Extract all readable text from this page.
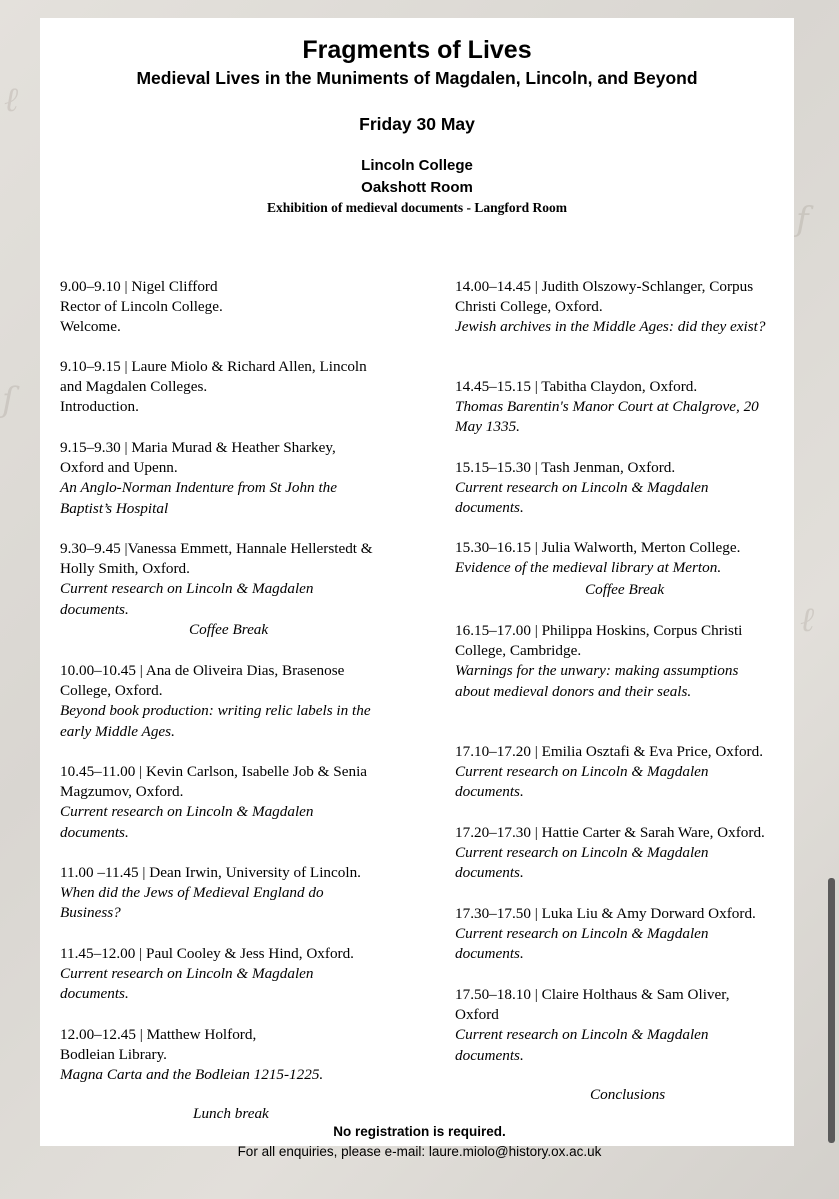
ℓ
ſ
ƒ
ℓ
Fragments of Lives
Medieval Lives in the Muniments of Magdalen, Lincoln, and Beyond
Friday 30 May
Lincoln College
Oakshott Room
Exhibition of medieval documents - Langford Room
9.00–9.10 | Nigel Clifford
Rector of Lincoln College.
Welcome.
9.10–9.15 | Laure Miolo & Richard Allen, Lincoln
and Magdalen Colleges.
Introduction.
9.15–9.30 | Maria Murad & Heather Sharkey,
Oxford and Upenn.
An Anglo-Norman Indenture from St John the
Baptist’s Hospital
9.30–9.45 |Vanessa Emmett, Hannale Hellerstedt &
Holly Smith, Oxford.
Current research on Lincoln & Magdalen
documents.
Coffee Break
10.00–10.45 | Ana de Oliveira Dias, Brasenose
College, Oxford.
Beyond book production: writing relic labels in the
early Middle Ages.
10.45–11.00 | Kevin Carlson, Isabelle Job & Senia
Magzumov, Oxford.
Current research on Lincoln & Magdalen
documents.
11.00 –11.45 | Dean Irwin, University of Lincoln.
When did the Jews of Medieval England do
Business?
11.45–12.00 | Paul Cooley & Jess Hind, Oxford.
Current research on Lincoln & Magdalen
documents.
12.00–12.45 | Matthew Holford,
Bodleian Library.
Magna Carta and the Bodleian 1215-1225.
Lunch break
14.00–14.45 | Judith Olszowy-Schlanger, Corpus
Christi College, Oxford.
Jewish archives in the Middle Ages: did they exist?
14.45–15.15 | Tabitha Claydon, Oxford.
Thomas Barentin's Manor Court at Chalgrove, 20
May 1335.
15.15–15.30 | Tash Jenman, Oxford.
Current research on Lincoln & Magdalen
documents.
15.30–16.15 | Julia Walworth, Merton College.
Evidence of the medieval library at Merton.
Coffee Break
16.15–17.00 | Philippa Hoskins, Corpus Christi
College, Cambridge.
Warnings for the unwary: making assumptions
about medieval donors and their seals.
17.10–17.20 | Emilia Osztafi & Eva Price, Oxford.
Current research on Lincoln & Magdalen
documents.
17.20–17.30 | Hattie Carter & Sarah Ware, Oxford.
Current research on Lincoln & Magdalen
documents.
17.30–17.50 | Luka Liu & Amy Dorward Oxford.
Current research on Lincoln & Magdalen
documents.
17.50–18.10 | Claire Holthaus & Sam Oliver,
Oxford
Current research on Lincoln & Magdalen
documents.
Conclusions
No registration is required.
For all enquiries, please e-mail: laure.miolo@history.ox.ac.uk
